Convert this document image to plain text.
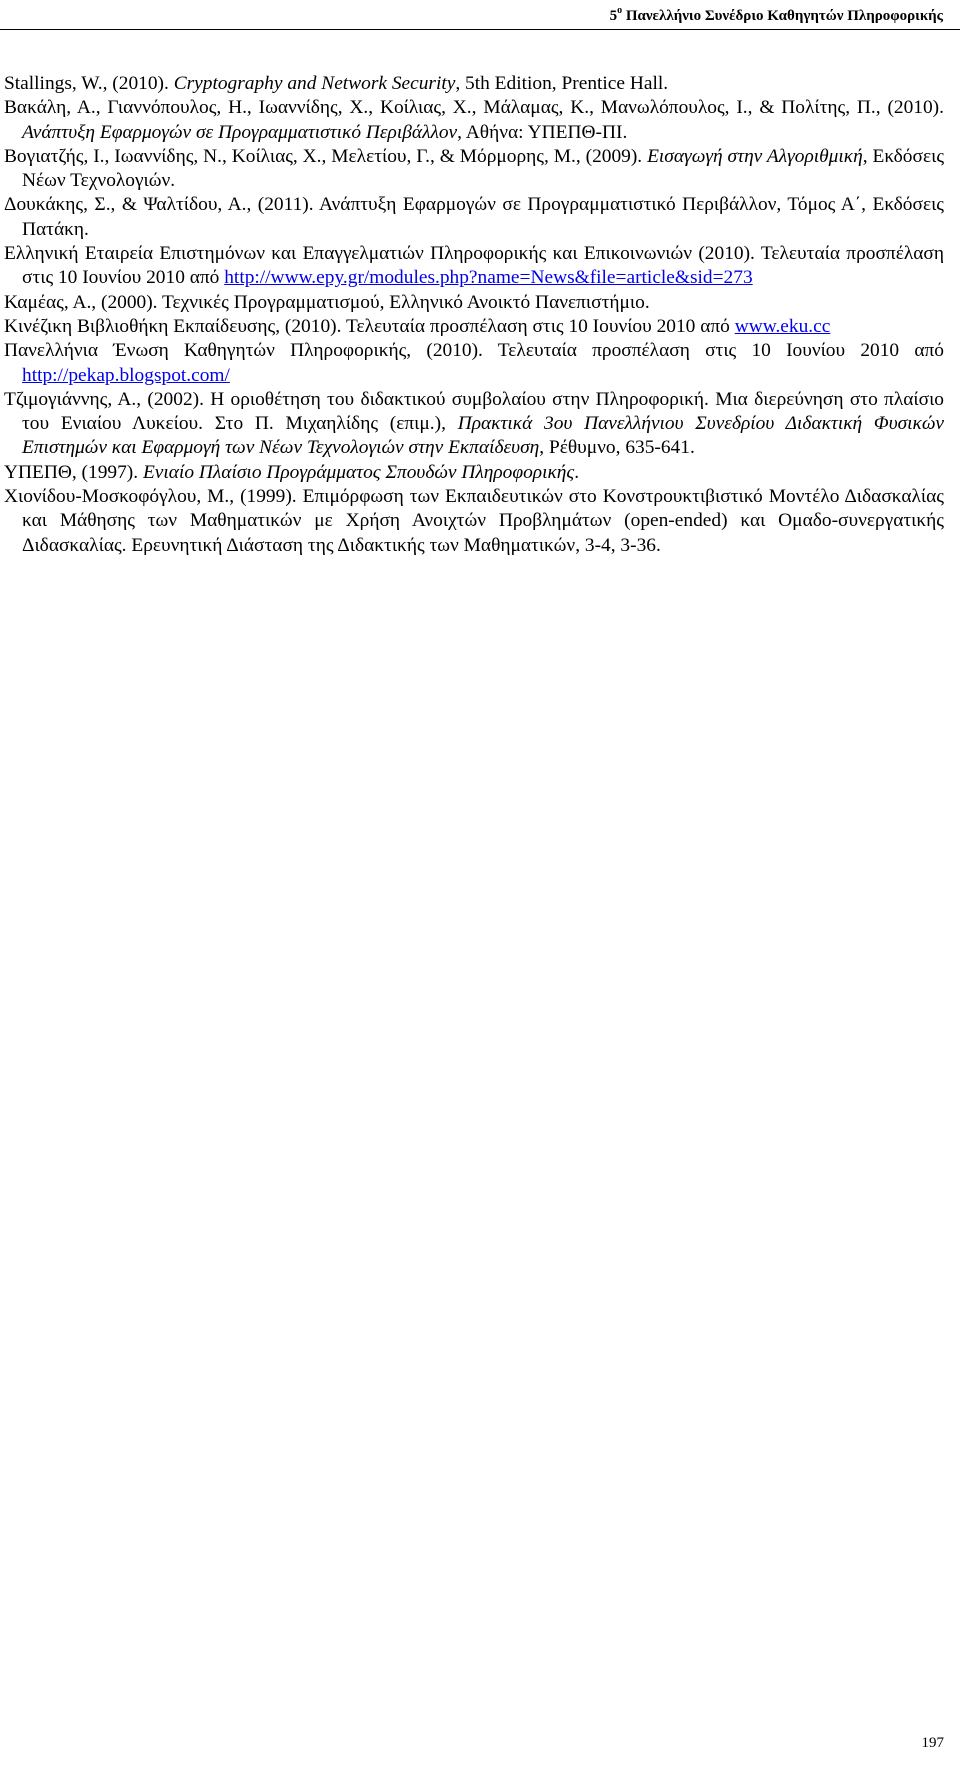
$5^o$ Πανελλήνιο Συνέδριο Καθηγητών Πληροφορικής
Stallings, W., (2010). Cryptography and Network Security, 5th Edition, Prentice Hall.
Βακάλη, Α., Γιαννόπουλος, Η., Ιωαννίδης, Χ., Κοίλιας, Χ., Μάλαμας, Κ., Μανωλόπουλος, Ι., & Πολίτης, Π., (2010). Ανάπτυξη Εφαρμογών σε Προγραμματιστικό Περιβάλλον, Αθήνα: ΥΠΕΠΘ-ΠΙ.
Βογιατζής, Ι., Ιωαννίδης, Ν., Κοίλιας, Χ., Μελετίου, Γ., & Μόρμορης, Μ., (2009). Εισαγωγή στην Αλγοριθμική, Εκδόσεις Νέων Τεχνολογιών.
Δουκάκης, Σ., & Ψαλτίδου, Α., (2011). Ανάπτυξη Εφαρμογών σε Προγραμματιστικό Περιβάλλον, Τόμος Α΄, Εκδόσεις Πατάκη.
Ελληνική Εταιρεία Επιστημόνων και Επαγγελματιών Πληροφορικής και Επικοινωνιών (2010). Τελευταία προσπέλαση στις 10 Ιουνίου 2010 από http://www.epy.gr/modules.php?name=News&file=article&sid=273
Καμέας, Α., (2000). Τεχνικές Προγραμματισμού, Ελληνικό Ανοικτό Πανεπιστήμιο.
Κινέζικη Βιβλιοθήκη Εκπαίδευσης, (2010). Τελευταία προσπέλαση στις 10 Ιουνίου 2010 από www.eku.cc
Πανελλήνια Ένωση Καθηγητών Πληροφορικής, (2010). Τελευταία προσπέλαση στις 10 Ιουνίου 2010 από http://pekap.blogspot.com/
Τζιμογιάννης, Α., (2002). Η οριοθέτηση του διδακτικού συμβολαίου στην Πληροφορική. Μια διερεύνηση στο πλαίσιο του Ενιαίου Λυκείου. Στο Π. Μιχαηλίδης (επιμ.), Πρακτικά 3ου Πανελλήνιου Συνεδρίου Διδακτική Φυσικών Επιστημών και Εφαρμογή των Νέων Τεχνολογιών στην Εκπαίδευση, Ρέθυμνο, 635-641.
ΥΠΕΠΘ, (1997). Ενιαίο Πλαίσιο Προγράμματος Σπουδών Πληροφορικής.
Χιονίδου-Μοσκοφόγλου, Μ., (1999). Επιμόρφωση των Εκπαιδευτικών στο Κονστρουκτιβιστικό Μοντέλο Διδασκαλίας και Μάθησης των Μαθηματικών με Χρήση Ανοιχτών Προβλημάτων (open-ended) και Ομαδο-συνεργατικής Διδασκαλίας. Ερευνητική Διάσταση της Διδακτικής των Μαθηματικών, 3-4, 3-36.
197
